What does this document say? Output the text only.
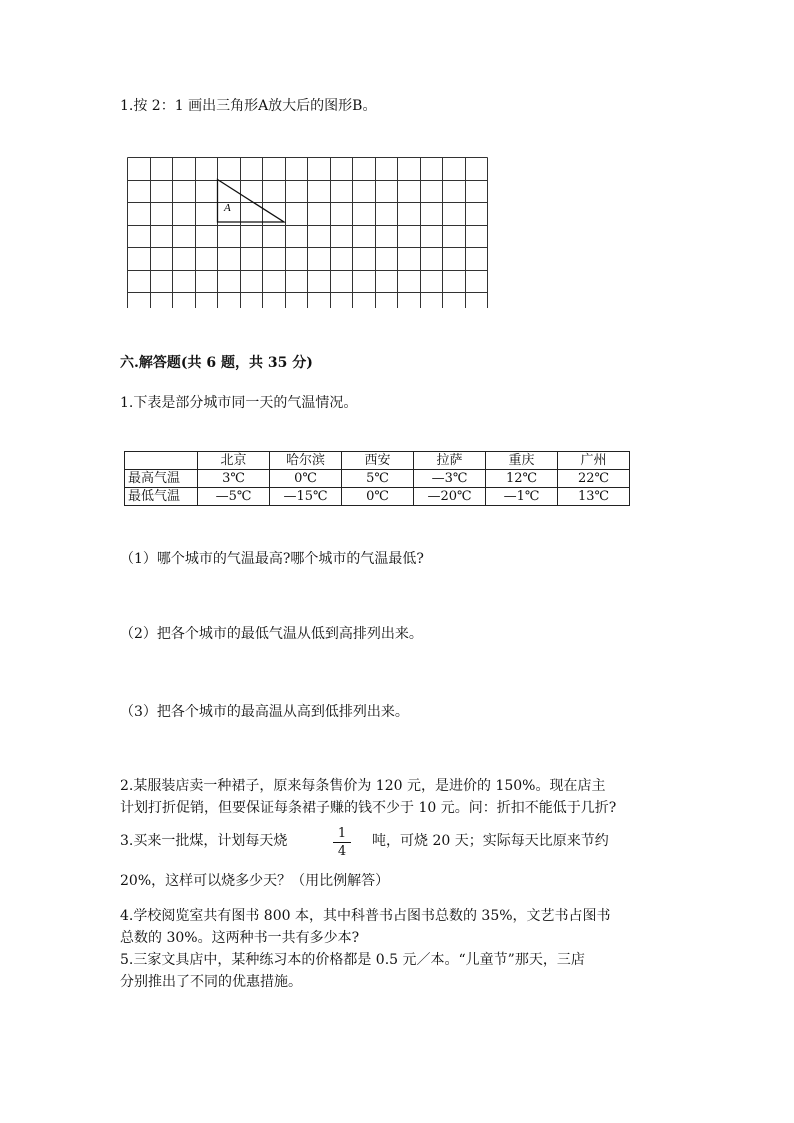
1.按 2：1 画出三角形A放大后的图形B。

A

六.解答题(共 6 题，共 35 分)

1.下表是部分城市同一天的气温情况。

	北京	哈尔滨	西安	拉萨	重庆	广州
最高气温	3℃	0℃	5℃	—3℃	12℃	22℃
最低气温	—5℃	—15℃	0℃	—20℃	—1℃	13℃

（1）哪个城市的气温最高?哪个城市的气温最低?

（2）把各个城市的最低气温从低到高排列出来。

（3）把各个城市的最高温从高到低排列出来。

2.某服装店卖一种裙子，原来每条售价为 120 元，是进价的 150%。现在店主

计划打折促销，但要保证每条裙子赚的钱不少于 10 元。问：折扣不能低于几折?

3.买来一批煤，计划每天烧	$\frac{1}{4}$ 吨，可烧 20 天；实际每天比原来节约

20%，这样可以烧多少天？（用比例解答）

4.学校阅览室共有图书 800 本，其中科普书占图书总数的 35%，文艺书占图书

总数的 30%。这两种书一共有多少本?

5.三家文具店中，某种练习本的价格都是 0.5 元／本。“儿童节”那天，三店

分别推出了不同的优惠措施。
